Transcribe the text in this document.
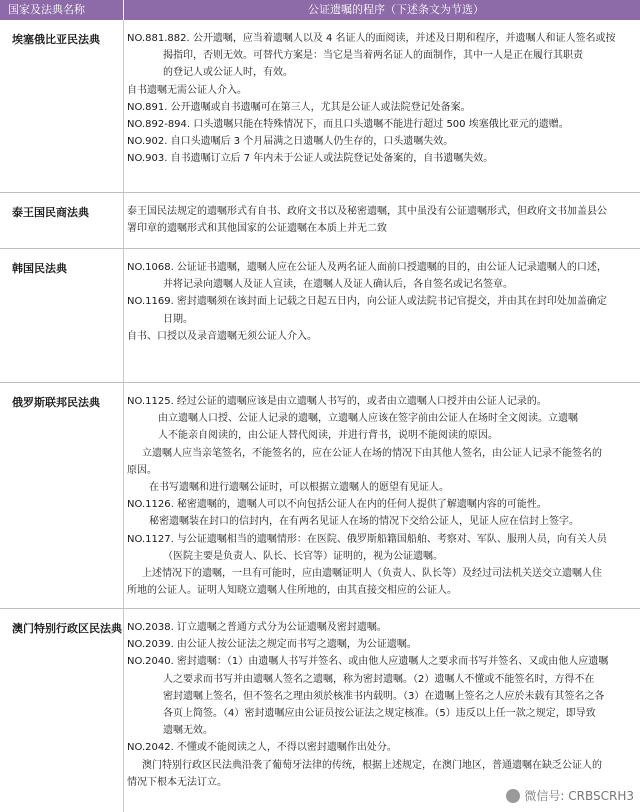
国家及法典名称	公证遗嘱的程序（下述条文为节选）
埃塞俄比亚民法典	NO.881.882. 公开遗嘱，应当着遗嘱人以及 4 名证人的面阅读，并述及日期和程序，并遗嘱人和证人签名或按
揭指印，否则无效。可替代方案是：当它是当着两名证人的面制作，其中一人是正在履行其职责
的登记人或公证人时，有效。
自书遗嘱无需公证人介入。
NO.891. 公开遗嘱或自书遗嘱可在第三人，尤其是公证人或法院登记处备案。
NO.892-894. 口头遗嘱只能在特殊情况下，而且口头遗嘱不能进行超过 500 埃塞俄比亚元的遗赠。
NO.902. 自口头遗嘱后 3 个月届满之日遗嘱人仍生存的，口头遗嘱失效。
NO.903. 自书遗嘱订立后 7 年内未于公证人或法院登记处备案的，自书遗嘱失效。
泰王国民商法典	泰王国民法规定的遗嘱形式有自书、政府文书以及秘密遗嘱，其中虽没有公证遗嘱形式，但政府文书加盖县公
署印章的遗嘱形式和其他国家的公证遗嘱在本质上并无二致
韩国民法典	NO.1068. 公证证书遗嘱，遗嘱人应在公证人及两名证人面前口授遗嘱的目的，由公证人记录遗嘱人的口述，
并将记录向遗嘱人及证人宣读，在遗嘱人及证人确认后，各自签名或记名签章。
NO.1169. 密封遗嘱须在该封面上记载之日起五日内，向公证人或法院书记官提交，并由其在封印处加盖确定
日期。
自书、口授以及录音遗嘱无须公证人介入。
俄罗斯联邦民法典	NO.1125. 经过公证的遗嘱应该是由立遗嘱人书写的，或者由立遗嘱人口授并由公证人记录的。
由立遗嘱人口授、公证人记录的遗嘱，立遗嘱人应该在签字前由公证人在场时全文阅读。立遗嘱
人不能亲自阅读的，由公证人替代阅读，并进行背书，说明不能阅读的原因。
立遗嘱人应当亲笔签名，不能签名的，应在公证人在场的情况下由其他人签名，由公证人记录不能签名的
原因。
在书写遗嘱和进行遗嘱公证时，可以根据立遗嘱人的愿望有见证人。
NO.1126. 秘密遗嘱的，遗嘱人可以不向包括公证人在内的任何人提供了解遗嘱内容的可能性。
秘密遗嘱装在封口的信封内，在有两名见证人在场的情况下交给公证人，见证人应在信封上签字。
NO.1127. 与公证遗嘱相当的遗嘱情形：在医院、俄罗斯船籍国船舶、考察对、军队、服刑人员，向有关人员
（医院主要是负责人、队长、长官等）证明的，视为公证遗嘱。
上述情况下的遗嘱，一旦有可能时，应由遗嘱证明人（负责人、队长等）及经过司法机关送交立遗嘱人住
所地的公证人。证明人知晓立遗嘱人住所地的，由其直接交相应的公证人。
澳门特别行政区民法典 NO.2038. 订立遗嘱之普通方式分为公证遗嘱及密封遗嘱。
NO.2039. 由公证人按公证法之规定而书写之遗嘱，为公证遗嘱。
NO.2040. 密封遗嘱：（1）由遗嘱人书写并签名、或由他人应遗嘱人之要求而书写并签名、又或由他人应遗嘱
人之要求而书写并由遗嘱人签名之遗嘱，称为密封遗嘱。（2）遗嘱人不懂或不能签名时，方得不在
密封遗嘱上签名，但不签名之理由须於核准书内载明。（3）在遗嘱上签名之人应於未载有其签名之各
各页上简签。（4）密封遗嘱应由公证员按公证法之规定核准。（5）违反以上任一款之规定，即导致
遗嘱无效。
NO.2042. 不懂或不能阅读之人，不得以密封遗嘱作出处分。
澳门特别行政区民法典沿袭了葡萄牙法律的传统，根据上述规定，在澳门地区，普通遗嘱在缺乏公证人的
情况下根本无法订立。
微信号: CRBSCRH3
